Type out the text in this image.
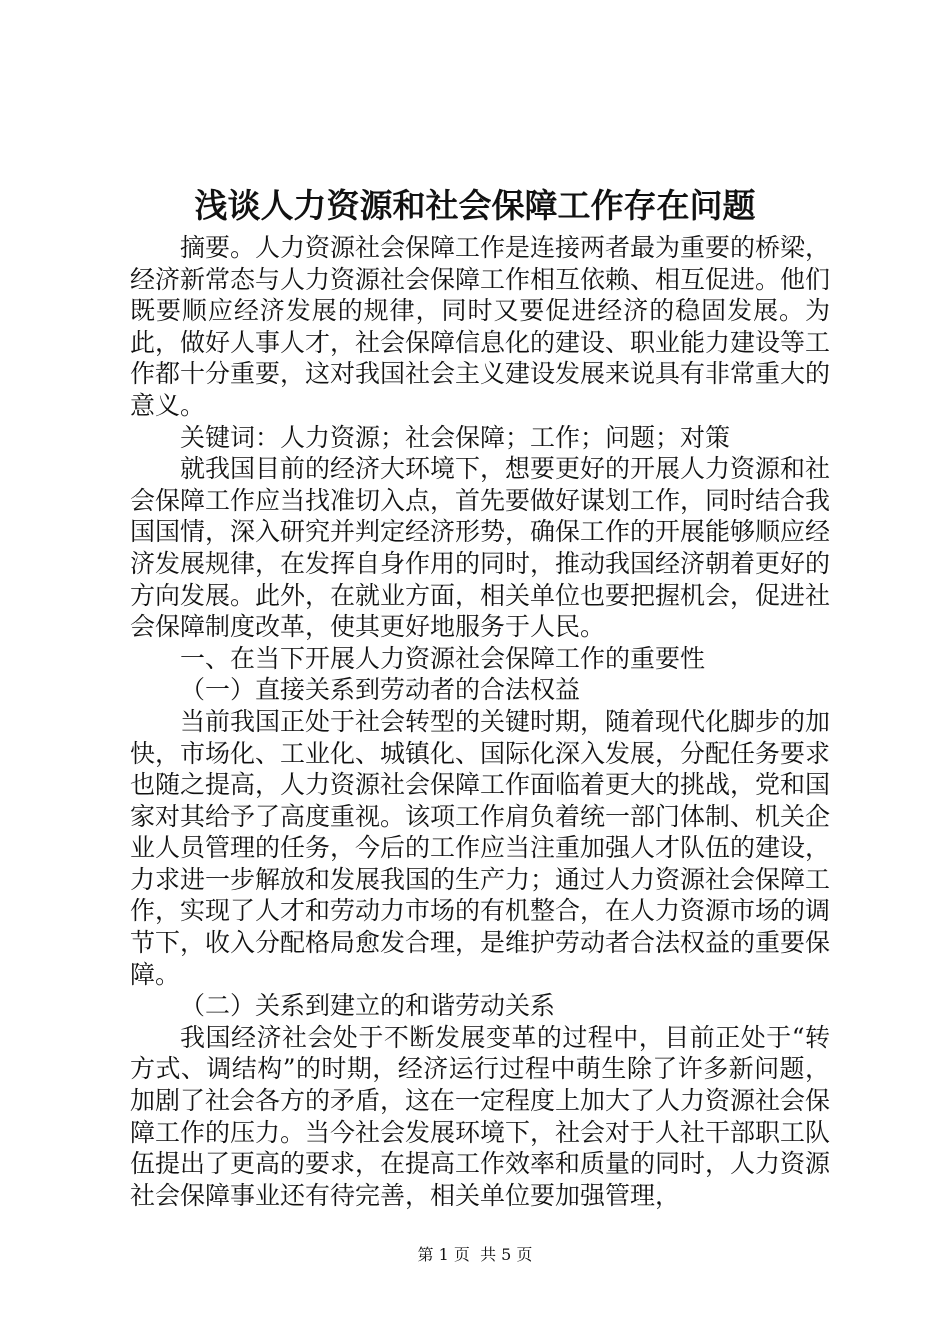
浅谈人力资源和社会保障工作存在问题

摘要。人力资源社会保障工作是连接两者最为重要的桥梁，经济新常态与人力资源社会保障工作相互依赖、相互促进。他们既要顺应经济发展的规律，同时又要促进经济的稳固发展。为此，做好人事人才，社会保障信息化的建设、职业能力建设等工作都十分重要，这对我国社会主义建设发展来说具有非常重大的意义。

关键词：人力资源；社会保障；工作；问题；对策

就我国目前的经济大环境下，想要更好的开展人力资源和社会保障工作应当找准切入点，首先要做好谋划工作，同时结合我国国情，深入研究并判定经济形势，确保工作的开展能够顺应经济发展规律，在发挥自身作用的同时，推动我国经济朝着更好的方向发展。此外，在就业方面，相关单位也要把握机会，促进社会保障制度改革，使其更好地服务于人民。

一、在当下开展人力资源社会保障工作的重要性

（一）直接关系到劳动者的合法权益

当前我国正处于社会转型的关键时期，随着现代化脚步的加快，市场化、工业化、城镇化、国际化深入发展，分配任务要求也随之提高，人力资源社会保障工作面临着更大的挑战，党和国家对其给予了高度重视。该项工作肩负着统一部门体制、机关企业人员管理的任务，今后的工作应当注重加强人才队伍的建设，力求进一步解放和发展我国的生产力；通过人力资源社会保障工作，实现了人才和劳动力市场的有机整合，在人力资源市场的调节下，收入分配格局愈发合理，是维护劳动者合法权益的重要保障。

（二）关系到建立的和谐劳动关系

我国经济社会处于不断发展变革的过程中，目前正处于“转方式、调结构”的时期，经济运行过程中萌生除了许多新问题，加剧了社会各方的矛盾，这在一定程度上加大了人力资源社会保障工作的压力。当今社会发展环境下，社会对于人社干部职工队伍提出了更高的要求，在提高工作效率和质量的同时，人力资源社会保障事业还有待完善，相关单位要加强管理，

第 1 页  共 5 页
